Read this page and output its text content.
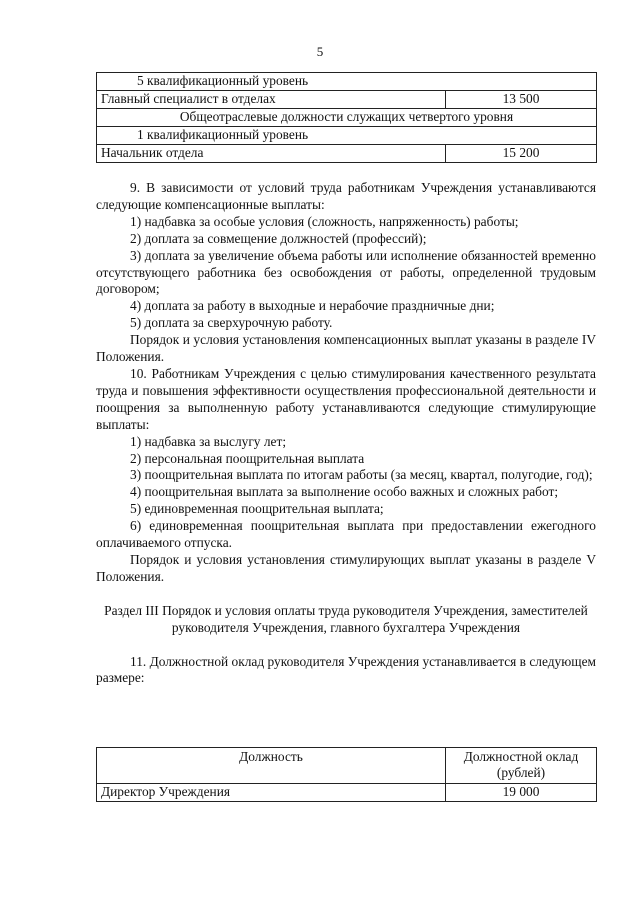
5
5 квалификационный уровень	
Главный специалист в отделах	13 500
Общеотраслевые должности служащих четвертого уровня	
1 квалификационный уровень	
Начальник отдела	15 200

9. В зависимости от условий труда работникам Учреждения устанавливаются следующие компенсационные выплаты:

1) надбавка за особые условия (сложность, напряженность) работы;

2) доплата за совмещение должностей (профессий);

3) доплата за увеличение объема работы или исполнение обязанностей временно отсутствующего работника без освобождения от работы, определенной трудовым договором;

4) доплата за работу в выходные и нерабочие праздничные дни;

5) доплата за сверхурочную работу.

Порядок и условия установления компенсационных выплат указаны в разделе IV Положения.

10. Работникам Учреждения с целью стимулирования качественного результата труда и повышения эффективности осуществления профессиональной деятельности и поощрения за выполненную работу устанавливаются следующие стимулирующие выплаты:

1) надбавка за выслугу лет;

2) персональная поощрительная выплата

3) поощрительная выплата по итогам работы (за месяц, квартал, полугодие, год);

4) поощрительная выплата за выполнение особо важных и сложных работ;

5) единовременная поощрительная выплата;

6) единовременная поощрительная выплата при предоставлении ежегодного оплачиваемого отпуска.

Порядок и условия установления стимулирующих выплат указаны в разделе V Положения.

Раздел III Порядок и условия оплаты труда руководителя Учреждения, заместителей руководителя Учреждения, главного бухгалтера Учреждения

11. Должностной оклад руководителя Учреждения устанавливается в следующем размере:

Должность	Должностной оклад
(рублей)

Директор Учреждения	19 000
